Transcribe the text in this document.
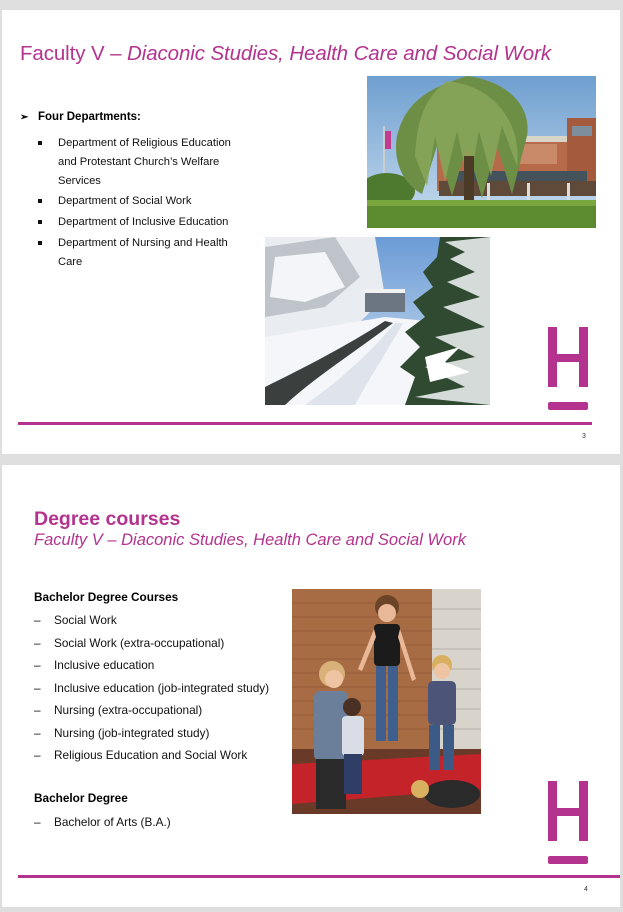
Faculty V – Diaconic Studies, Health Care and Social Work
➢ Four Departments:
Department of Religious Education and Protestant Church’s Welfare Services
Department of Social Work
Department of Inclusive Education
Department of Nursing and Health Care
3
Degree courses
Faculty V – Diaconic Studies, Health Care and Social Work
Bachelor Degree Courses
– Social Work
– Social Work (extra-occupational)
– Inclusive education
– Inclusive education (job-integrated study)
– Nursing (extra-occupational)
– Nursing (job-integrated study)
– Religious Education and Social Work
Bachelor Degree
– Bachelor of Arts (B.A.)
4
